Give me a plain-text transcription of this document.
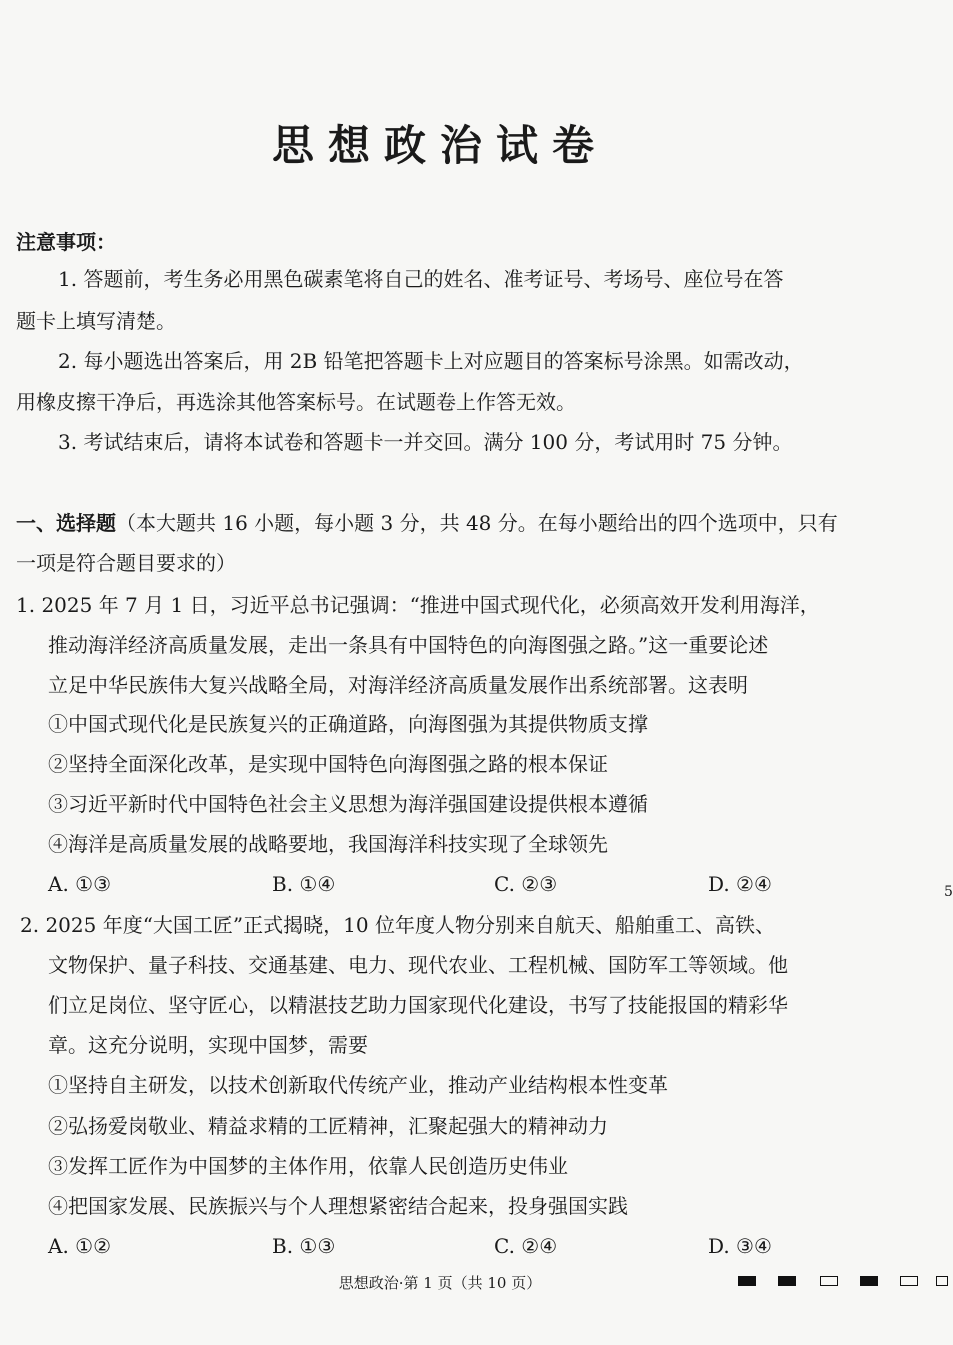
思想政治试卷
注意事项：
1. 答题前，考生务必用黑色碳素笔将自己的姓名、准考证号、考场号、座位号在答
题卡上填写清楚。
2. 每小题选出答案后，用 2B 铅笔把答题卡上对应题目的答案标号涂黑。如需改动，
用橡皮擦干净后，再选涂其他答案标号。在试题卷上作答无效。
3. 考试结束后，请将本试卷和答题卡一并交回。满分 100 分，考试用时 75 分钟。
一、选择题（本大题共 16 小题，每小题 3 分，共 48 分。在每小题给出的四个选项中，只有
一项是符合题目要求的）
1. 2025 年 7 月 1 日，习近平总书记强调：“推进中国式现代化，必须高效开发利用海洋，
推动海洋经济高质量发展，走出一条具有中国特色的向海图强之路。”这一重要论述
立足中华民族伟大复兴战略全局，对海洋经济高质量发展作出系统部署。这表明
①中国式现代化是民族复兴的正确道路，向海图强为其提供物质支撑
②坚持全面深化改革，是实现中国特色向海图强之路的根本保证
③习近平新时代中国特色社会主义思想为海洋强国建设提供根本遵循
④海洋是高质量发展的战略要地，我国海洋科技实现了全球领先
A. ①③	B. ①④	C. ②③	D. ②④
2. 2025 年度“大国工匠”正式揭晓，10 位年度人物分别来自航天、船舶重工、高铁、
文物保护、量子科技、交通基建、电力、现代农业、工程机械、国防军工等领域。他
们立足岗位、坚守匠心，以精湛技艺助力国家现代化建设，书写了技能报国的精彩华
章。这充分说明，实现中国梦，需要
①坚持自主研发，以技术创新取代传统产业，推动产业结构根本性变革
②弘扬爱岗敬业、精益求精的工匠精神，汇聚起强大的精神动力
③发挥工匠作为中国梦的主体作用，依靠人民创造历史伟业
④把国家发展、民族振兴与个人理想紧密结合起来，投身强国实践
A. ①②	B. ①③	C. ②④	D. ③④
思想政治·第 1 页（共 10 页）
5
